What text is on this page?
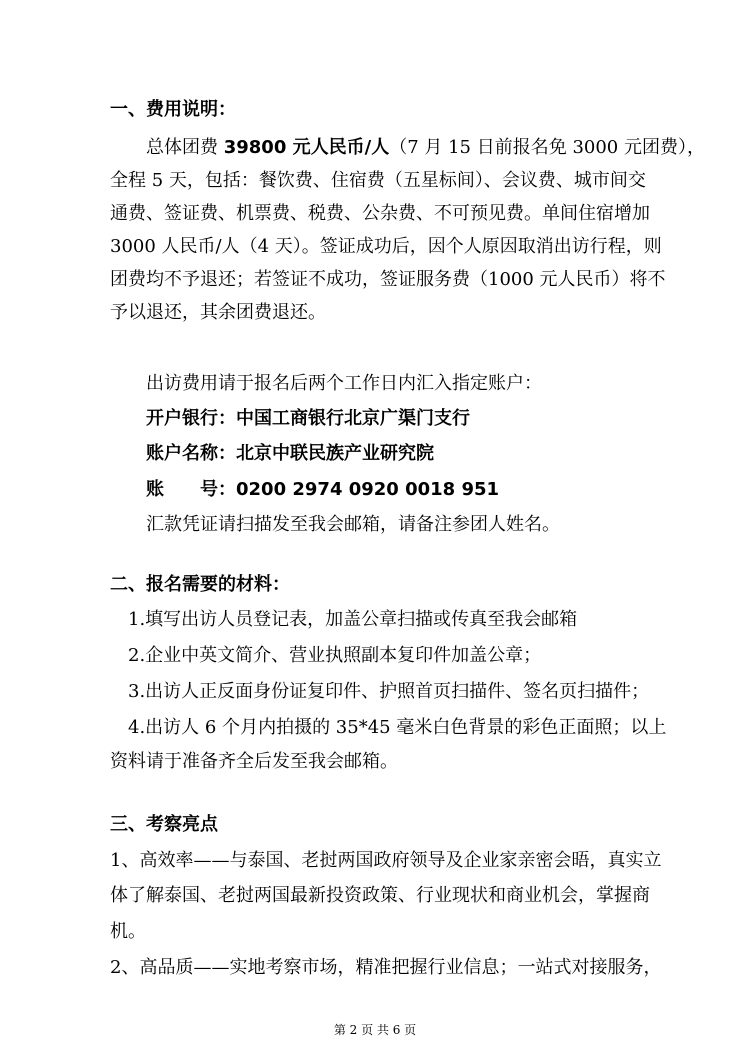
一、费用说明：
总体团费 39800 元人民币/人（7 月 15 日前报名免 3000 元团费），
全程 5 天，包括：餐饮费、住宿费（五星标间）、会议费、城市间交
通费、签证费、机票费、税费、公杂费、不可预见费。单间住宿增加
3000 人民币/人（4 天）。签证成功后，因个人原因取消出访行程，则
团费均不予退还；若签证不成功，签证服务费（1000 元人民币）将不
予以退还，其余团费退还。
出访费用请于报名后两个工作日内汇入指定账户：
开户银行：中国工商银行北京广渠门支行
账户名称：北京中联民族产业研究院
账　　号：0200 2974 0920 0018 951
汇款凭证请扫描发至我会邮箱，请备注参团人姓名。
二、报名需要的材料：
1.填写出访人员登记表，加盖公章扫描或传真至我会邮箱
2.企业中英文简介、营业执照副本复印件加盖公章；
3.出访人正反面身份证复印件、护照首页扫描件、签名页扫描件；
4.出访人 6 个月内拍摄的 35*45 毫米白色背景的彩色正面照；以上
资料请于准备齐全后发至我会邮箱。
三、考察亮点
1、高效率——与泰国、老挝两国政府领导及企业家亲密会晤，真实立
体了解泰国、老挝两国最新投资政策、行业现状和商业机会，掌握商
机。
2、高品质——实地考察市场，精准把握行业信息；一站式对接服务，
第 2 页 共 6 页
